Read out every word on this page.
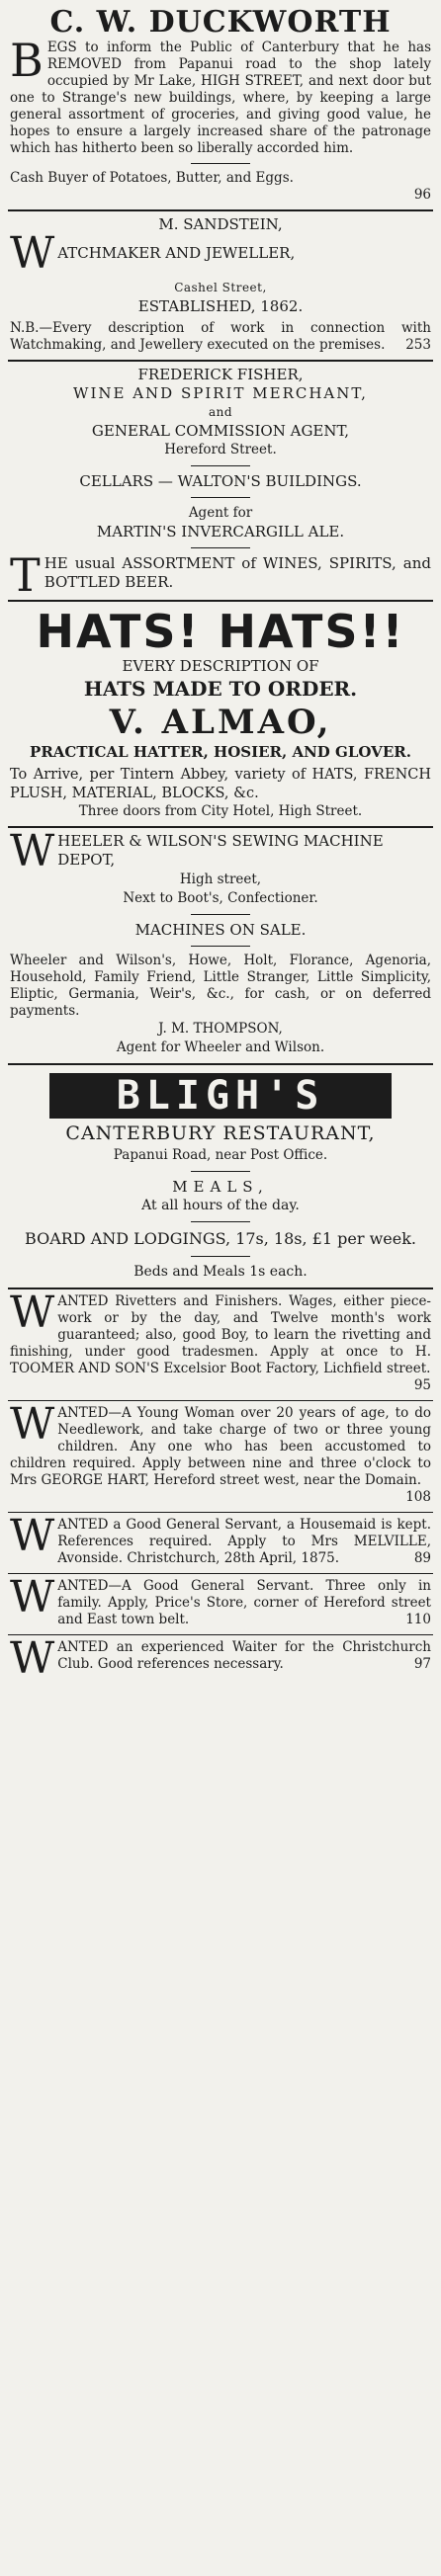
C. W. DUCKWORTH

BEGS to inform the Public of Canterbury that he has REMOVED from Papanui road to the shop lately occupied by Mr Lake, HIGH STREET, and next door but one to Strange's new buildings, where, by keeping a large general assortment of groceries, and giving good value, he hopes to ensure a largely increased share of the patronage which has hitherto been so liberally accorded him.

Cash Buyer of Potatoes, Butter, and Eggs.

96

M. SANDSTEIN,
W ATCHMAKER AND JEWELLER,
Cashel Street,
ESTABLISHED, 1862.

N.B.—Every description of work in connection with Watchmaking, and Jewellery executed on the premises. 253

FREDERICK FISHER,
WINE AND SPIRIT MERCHANT,
and
GENERAL COMMISSION AGENT,
Hereford Street.
CELLARS — WALTON'S BUILDINGS.
Agent for
MARTIN'S INVERCARGILL ALE.

THE usual ASSORTMENT of WINES, SPIRITS, and BOTTLED BEER.

HATS! HATS!!
EVERY DESCRIPTION OF
HATS MADE TO ORDER.
V. ALMAO,
PRACTICAL HATTER, HOSIER, AND GLOVER.

To Arrive, per Tintern Abbey, variety of HATS, FRENCH PLUSH, MATERIAL, BLOCKS, &c.

Three doors from City Hotel, High Street.

WHEELER & WILSON'S SEWING MACHINE DEPOT,
High street,
Next to Boot's, Confectioner.
MACHINES ON SALE.

Wheeler and Wilson's, Howe, Holt, Florance, Agenoria, Household, Family Friend, Little Stranger, Little Simplicity, Eliptic, Germania, Weir's, &c., for cash, or on deferred payments.

J. M. THOMPSON,
Agent for Wheeler and Wilson.
BLIGH'S
CANTERBURY RESTAURANT,
Papanui Road, near Post Office.
MEALS,
At all hours of the day.
BOARD AND LODGINGS, 17s, 18s, £1 per week.
Beds and Meals 1s each.

WANTED Rivetters and Finishers. Wages, either piece-work or by the day, and Twelve month's work guaranteed; also, good Boy, to learn the rivetting and finishing, under good tradesmen. Apply at once to H. TOOMER AND SON'S Excelsior Boot Factory, Lichfield street.
95

WANTED—A Young Woman over 20 years of age, to do Needlework, and take charge of two or three young children. Any one who has been accustomed to children required. Apply between nine and three o'clock to Mrs GEORGE HART, Hereford street west, near the Domain.
108

WANTED a Good General Servant, a Housemaid is kept. References required. Apply to Mrs MELVILLE, Avonside. Christchurch, 28th April, 1875.	89

WANTED—A Good General Servant. Three only in family. Apply, Price's Store, corner of Hereford street and East town belt.	110

WANTED an experienced Waiter for the Christchurch Club. Good references necessary.	97
